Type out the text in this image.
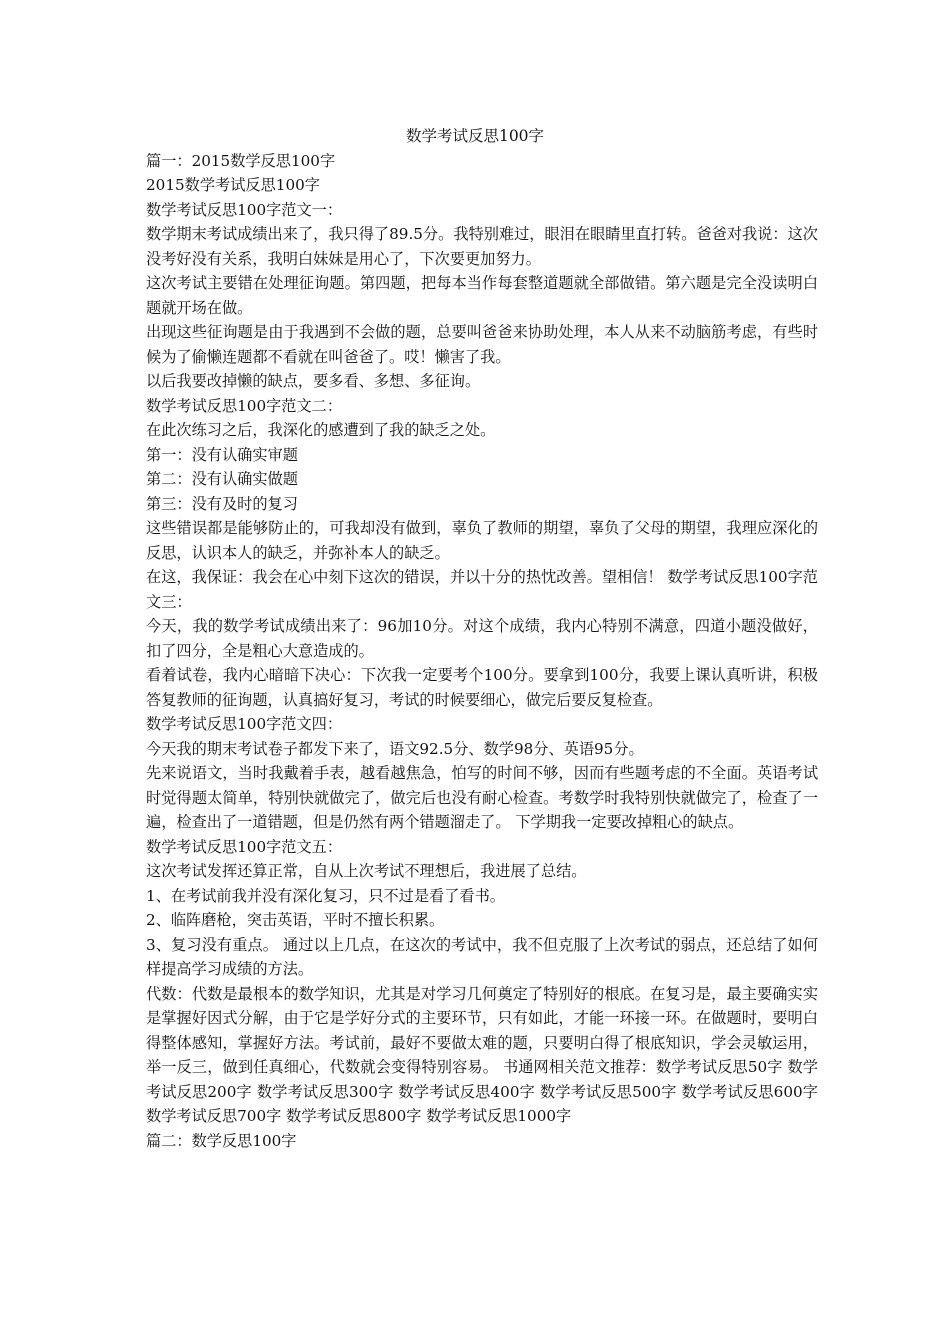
数学考试反思100字

篇一：2015数学反思100字

2015数学考试反思100字

数学考试反思100字范文一：

数学期末考试成绩出来了，我只得了89.5分。我特别难过，眼泪在眼睛里直打转。爸爸对我说：这次没考好没有关系，我明白妹妹是用心了，下次要更加努力。

这次考试主要错在处理征询题。第四题，把每本当作每套整道题就全部做错。第六题是完全没读明白题就开场在做。

出现这些征询题是由于我遇到不会做的题，总要叫爸爸来协助处理，本人从来不动脑筋考虑，有些时候为了偷懒连题都不看就在叫爸爸了。哎！懒害了我。

以后我要改掉懒的缺点，要多看、多想、多征询。

数学考试反思100字范文二：

在此次练习之后，我深化的感遭到了我的缺乏之处。

第一：没有认确实审题

第二：没有认确实做题

第三：没有及时的复习

这些错误都是能够防止的，可我却没有做到，辜负了教师的期望，辜负了父母的期望，我理应深化的反思，认识本人的缺乏，并弥补本人的缺乏。

在这，我保证：我会在心中刻下这次的错误，并以十分的热忱改善。望相信！ 数学考试反思100字范文三：

今天，我的数学考试成绩出来了：96加10分。对这个成绩，我内心特别不满意，四道小题没做好，扣了四分，全是粗心大意造成的。

看着试卷，我内心暗暗下决心：下次我一定要考个100分。要拿到100分，我要上课认真听讲，积极答复教师的征询题，认真搞好复习，考试的时候要细心，做完后要反复检查。

数学考试反思100字范文四：

今天我的期末考试卷子都发下来了，语文92.5分、数学98分、英语95分。

先来说语文，当时我戴着手表，越看越焦急，怕写的时间不够，因而有些题考虑的不全面。英语考试时觉得题太简单，特别快就做完了，做完后也没有耐心检查。考数学时我特别快就做完了，检查了一遍，检查出了一道错题，但是仍然有两个错题溜走了。 下学期我一定要改掉粗心的缺点。

数学考试反思100字范文五：

这次考试发挥还算正常，自从上次考试不理想后，我进展了总结。

1、在考试前我并没有深化复习，只不过是看了看书。

2、临阵磨枪，突击英语，平时不擅长积累。

3、复习没有重点。 通过以上几点，在这次的考试中，我不但克服了上次考试的弱点，还总结了如何样提高学习成绩的方法。

代数：代数是最根本的数学知识，尤其是对学习几何奠定了特别好的根底。在复习是，最主要确实实是掌握好因式分解，由于它是学好分式的主要环节，只有如此，才能一环接一环。在做题时，要明白得整体感知，掌握好方法。考试前，最好不要做太难的题，只要明白得了根底知识，学会灵敏运用，举一反三，做到任真细心，代数就会变得特别容易。 书通网相关范文推荐：数学考试反思50字 数学考试反思200字 数学考试反思300字 数学考试反思400字 数学考试反思500字 数学考试反思600字 数学考试反思700字 数学考试反思800字 数学考试反思1000字

篇二：数学反思100字
